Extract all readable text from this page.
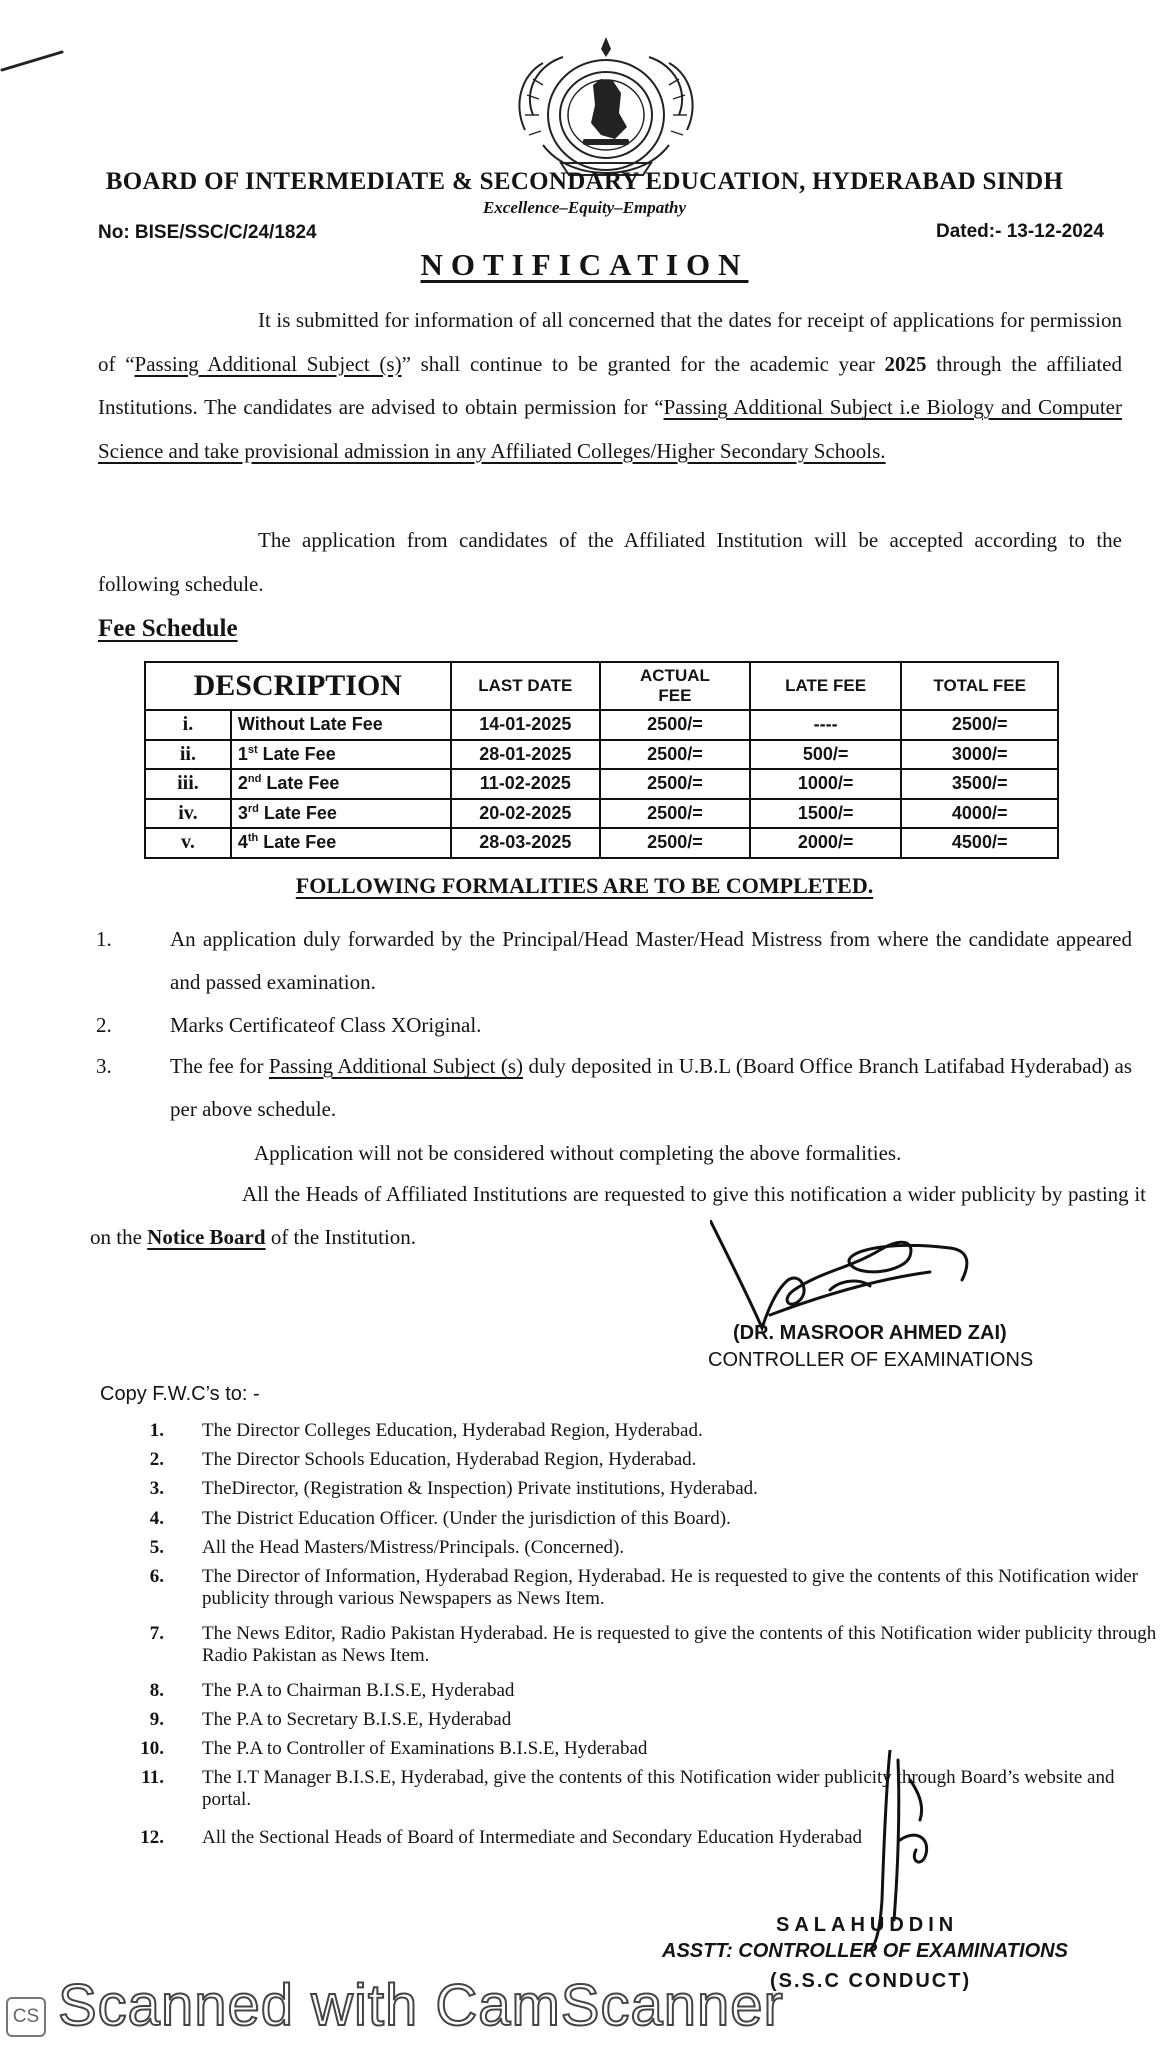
BOARD OF INTERMEDIATE & SECONDARY EDUCATION, HYDERABAD SINDH
Excellence–Equity–Empathy
No: BISE/SSC/C/24/1824	Dated:- 13-12-2024
NOTIFICATION
It is submitted for information of all concerned that the dates for receipt of applications for permission of “Passing Additional Subject (s)” shall continue to be granted for the academic year 2025 through the affiliated Institutions. The candidates are advised to obtain permission for “Passing Additional Subject i.e Biology and Computer Science and take provisional admission in any Affiliated Colleges/Higher Secondary Schools.
The application from candidates of the Affiliated Institution will be accepted according to the following schedule.
Fee Schedule
DESCRIPTION		LAST DATE	ACTUAL FEE	LATE FEE	TOTAL FEE
i.	Without Late Fee	14-01-2025	2500/=	----	2500/=
ii.	1st Late Fee	28-01-2025	2500/=	500/=	3000/=
iii.	2nd Late Fee	11-02-2025	2500/=	1000/=	3500/=
iv.	3rd Late Fee	20-02-2025	2500/=	1500/=	4000/=
v.	4th Late Fee	28-03-2025	2500/=	2000/=	4500/=
FOLLOWING FORMALITIES ARE TO BE COMPLETED.
1.	An application duly forwarded by the Principal/Head Master/Head Mistress from where the candidate appeared and passed examination.
2.	Marks Certificateof Class XOriginal.
3.	The fee for Passing Additional Subject (s) duly deposited in U.B.L (Board Office Branch Latifabad Hyderabad) as per above schedule.
Application will not be considered without completing the above formalities.
All the Heads of Affiliated Institutions are requested to give this notification a wider publicity by pasting it on the Notice Board of the Institution.
(DR. MASROOR AHMED ZAI)
CONTROLLER OF EXAMINATIONS
Copy F.W.C’s to: -
1. The Director Colleges Education, Hyderabad Region, Hyderabad.
2. The Director Schools Education, Hyderabad Region, Hyderabad.
3. TheDirector, (Registration & Inspection) Private institutions, Hyderabad.
4. The District Education Officer. (Under the jurisdiction of this Board).
5. All the Head Masters/Mistress/Principals. (Concerned).
6. The Director of Information, Hyderabad Region, Hyderabad. He is requested to give the contents of this Notification wider publicity through various Newspapers as News Item.
7. The News Editor, Radio Pakistan Hyderabad. He is requested to give the contents of this Notification wider publicity through Radio Pakistan as News Item.
8. The P.A to Chairman B.I.S.E, Hyderabad
9. The P.A to Secretary B.I.S.E, Hyderabad
10. The P.A to Controller of Examinations B.I.S.E, Hyderabad
11. The I.T Manager B.I.S.E, Hyderabad, give the contents of this Notification wider publicity through Board’s website and portal.
12. All the Sectional Heads of Board of Intermediate and Secondary Education Hyderabad
SALAHUDDIN
ASSTT: CONTROLLER OF EXAMINATIONS
(S.S.C CONDUCT)
Scanned with CamScanner
CS
